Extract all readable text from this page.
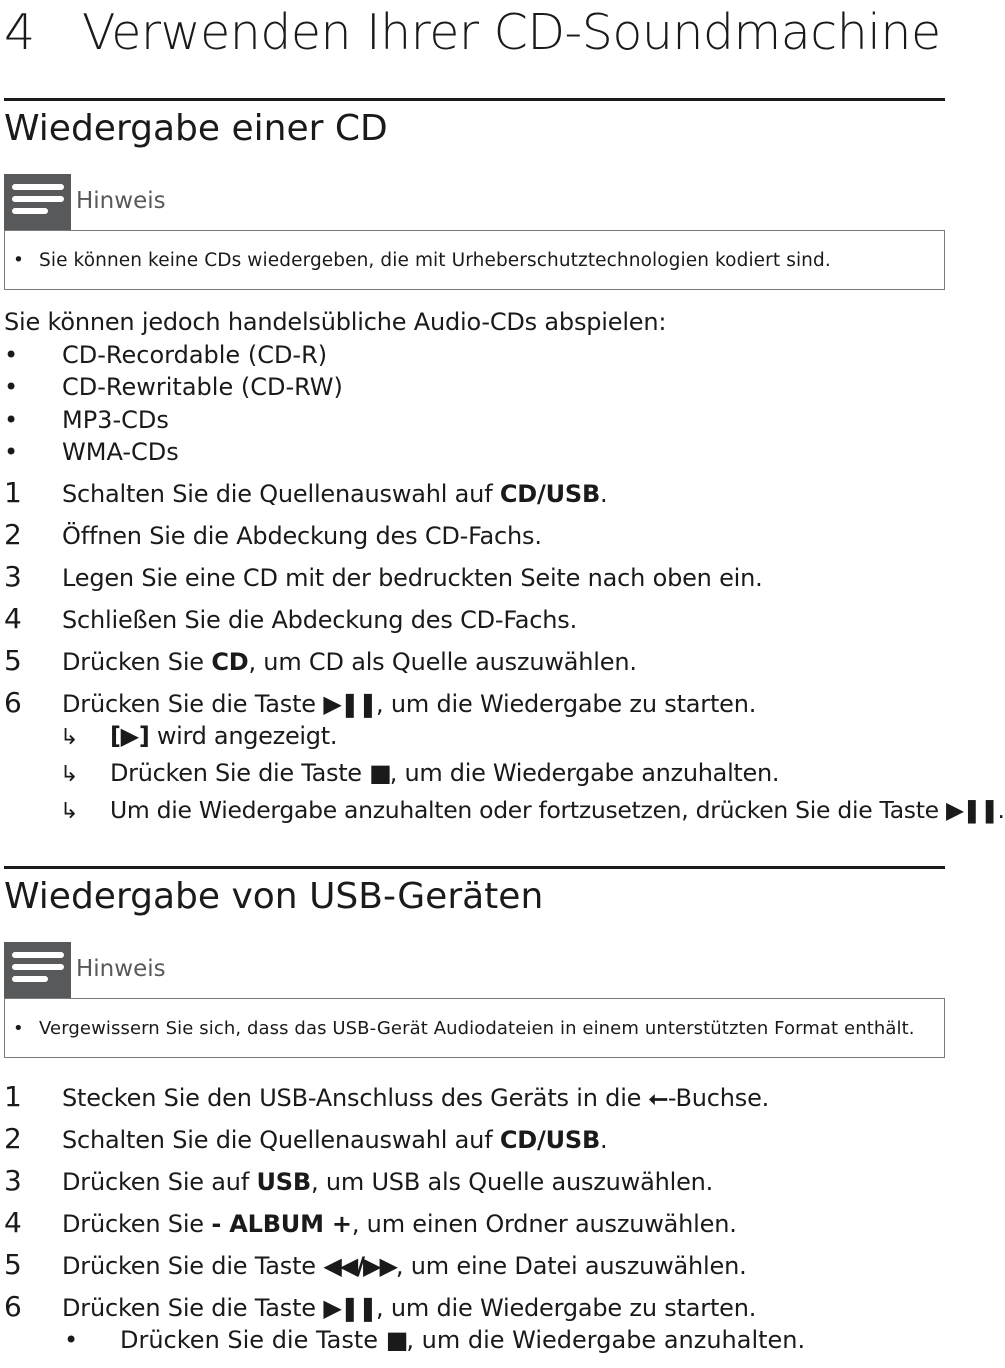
4 Verwenden Ihrer CD-Soundmachine
Wiedergabe einer CD
Hinweis
• Sie können keine CDs wiedergeben, die mit Urheberschutztechnologien kodiert sind.
Sie können jedoch handelsübliche Audio-CDs abspielen:
• CD-Recordable (CD-R)
• CD-Rewritable (CD-RW)
• MP3-CDs
• WMA-CDs
1 Schalten Sie die Quellenauswahl auf CD/USB.
2 Öffnen Sie die Abdeckung des CD-Fachs.
3 Legen Sie eine CD mit der bedruckten Seite nach oben ein.
4 Schließen Sie die Abdeckung des CD-Fachs.
5 Drücken Sie CD, um CD als Quelle auszuwählen.
6 Drücken Sie die Taste ▶❚❚, um die Wiedergabe zu starten.
↳ [▶] wird angezeigt.
↳ Drücken Sie die Taste ■, um die Wiedergabe anzuhalten.
↳ Um die Wiedergabe anzuhalten oder fortzusetzen, drücken Sie die Taste ▶❚❚.
Wiedergabe von USB-Geräten
Hinweis
• Vergewissern Sie sich, dass das USB-Gerät Audiodateien in einem unterstützten Format enthält.
1 Stecken Sie den USB-Anschluss des Geräts in die ⭠-Buchse.
2 Schalten Sie die Quellenauswahl auf CD/USB.
3 Drücken Sie auf USB, um USB als Quelle auszuwählen.
4 Drücken Sie - ALBUM +, um einen Ordner auszuwählen.
5 Drücken Sie die Taste ◀◀/▶▶, um eine Datei auszuwählen.
6 Drücken Sie die Taste ▶❚❚, um die Wiedergabe zu starten.
• Drücken Sie die Taste ■, um die Wiedergabe anzuhalten.
